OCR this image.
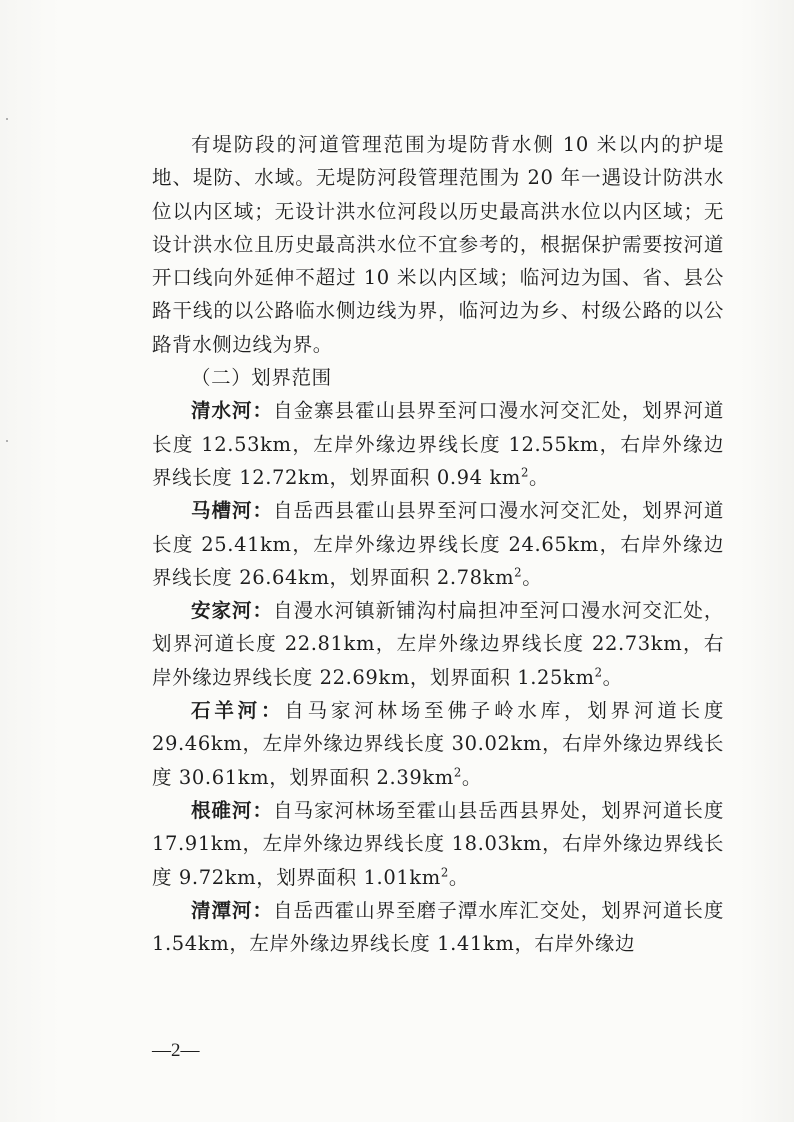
有堤防段的河道管理范围为堤防背水侧 10 米以内的护堤地、堤防、水域。无堤防河段管理范围为 20 年一遇设计防洪水位以内区域；无设计洪水位河段以历史最高洪水位以内区域；无设计洪水位且历史最高洪水位不宜参考的，根据保护需要按河道开口线向外延伸不超过 10 米以内区域；临河边为国、省、县公路干线的以公路临水侧边线为界，临河边为乡、村级公路的以公路背水侧边线为界。

（二）划界范围

清水河：自金寨县霍山县界至河口漫水河交汇处，划界河道长度 12.53km，左岸外缘边界线长度 12.55km，右岸外缘边界线长度 12.72km，划界面积 0.94 $km^2$。

马槽河：自岳西县霍山县界至河口漫水河交汇处，划界河道长度 25.41km，左岸外缘边界线长度 24.65km，右岸外缘边界线长度 26.64km，划界面积 $2.78km^2$。

安家河：自漫水河镇新铺沟村扁担冲至河口漫水河交汇处，划界河道长度 22.81km，左岸外缘边界线长度 22.73km，右岸外缘边界线长度 22.69km，划界面积 $1.25km^2$。

石羊河：自马家河林场至佛子岭水库，划界河道长度 29.46km，左岸外缘边界线长度 30.02km，右岸外缘边界线长度 30.61km，划界面积 $2.39km^2$。

根碓河：自马家河林场至霍山县岳西县界处，划界河道长度 17.91km，左岸外缘边界线长度 18.03km，右岸外缘边界线长度 9.72km，划界面积 $1.01km^2$。

清潭河：自岳西霍山界至磨子潭水库汇交处，划界河道长度 1.54km，左岸外缘边界线长度 1.41km，右岸外缘边

—2—
